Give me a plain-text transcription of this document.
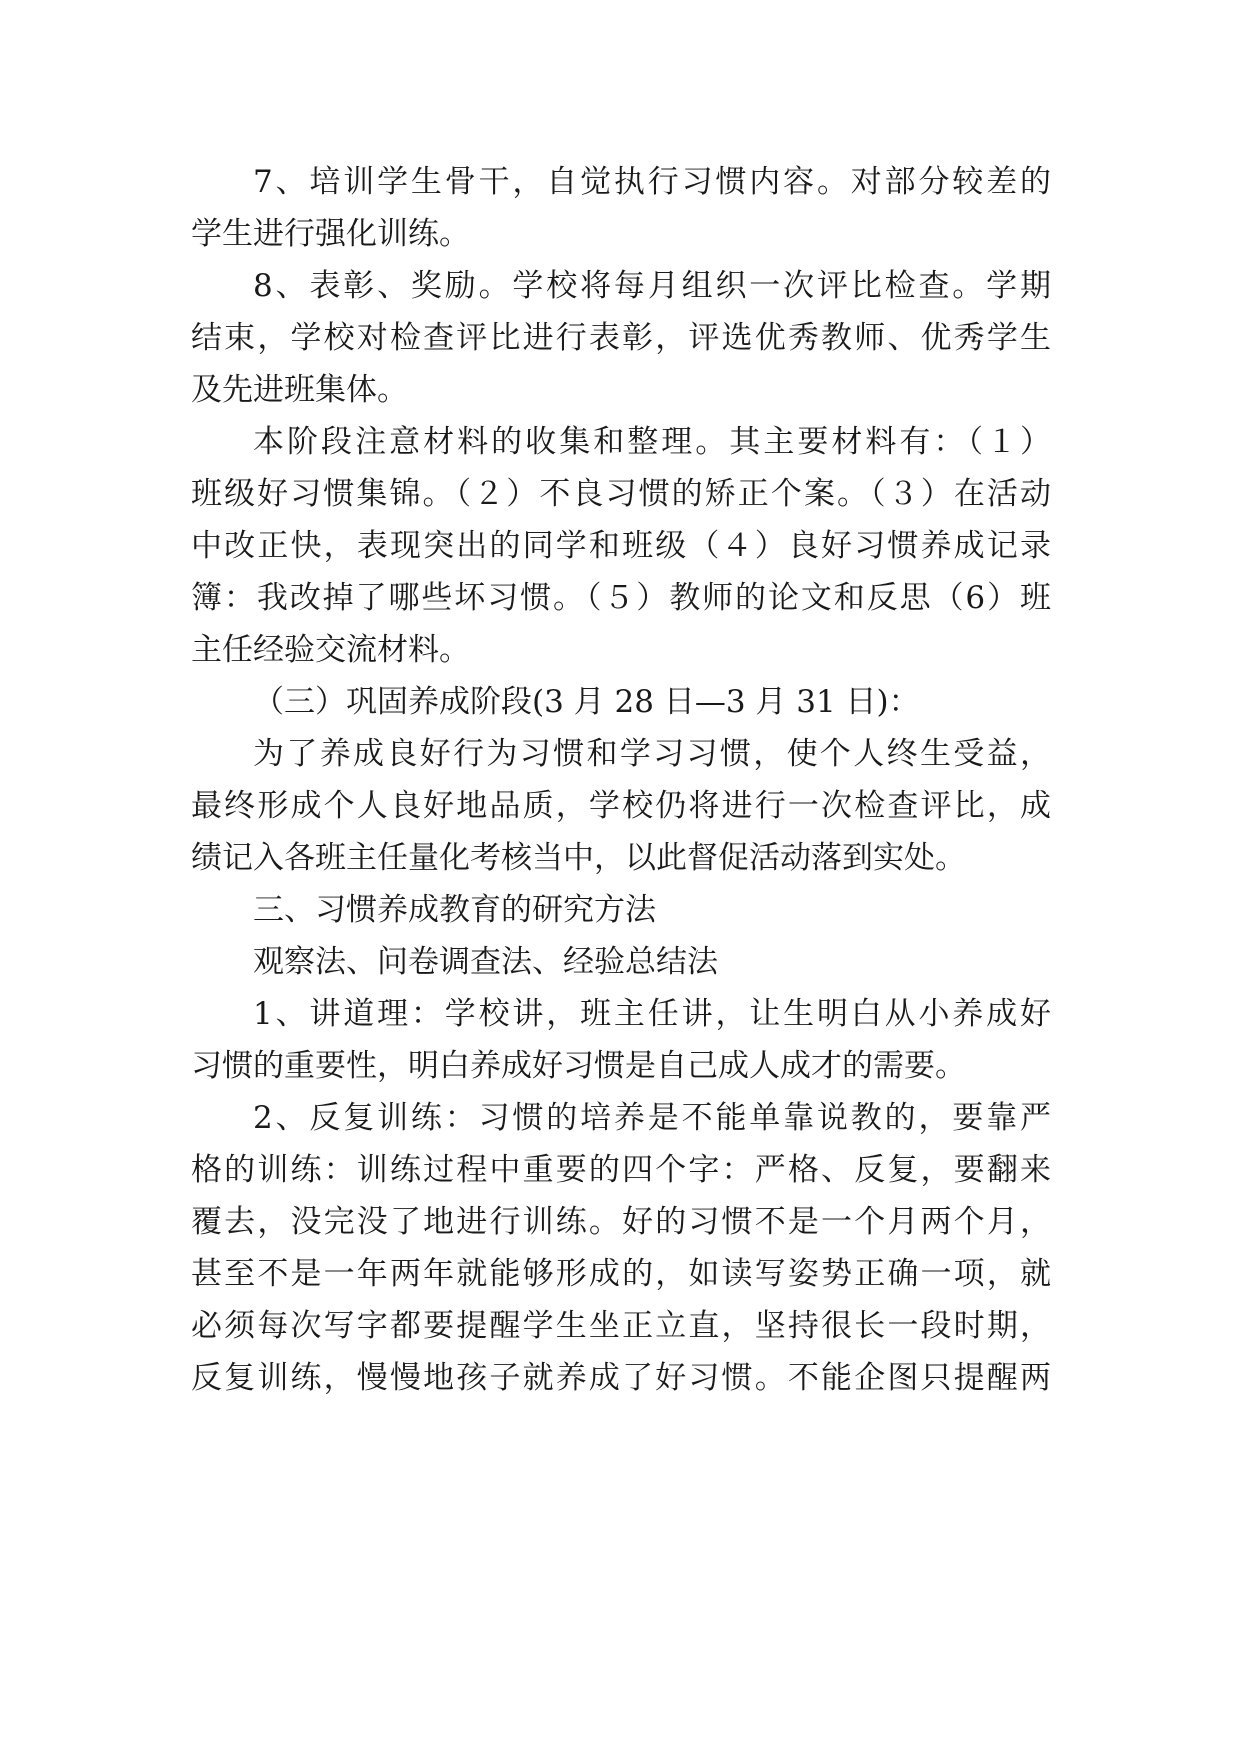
7、培训学生骨干，自觉执行习惯内容。对部分较差的
学生进行强化训练。
8、表彰、奖励。学校将每月组织一次评比检查。学期
结束，学校对检查评比进行表彰，评选优秀教师、优秀学生
及先进班集体。
本阶段注意材料的收集和整理。其主要材料有：（１）
班级好习惯集锦。（２）不良习惯的矫正个案。（３）在活动
中改正快，表现突出的同学和班级（４）良好习惯养成记录
簿：我改掉了哪些坏习惯。（５）教师的论文和反思（6）班
主任经验交流材料。
（三）巩固养成阶段(3 月 28 日—3 月 31 日)：
为了养成良好行为习惯和学习习惯，使个人终生受益，
最终形成个人良好地品质，学校仍将进行一次检查评比，成
绩记入各班主任量化考核当中，以此督促活动落到实处。
三、习惯养成教育的研究方法
观察法、问卷调查法、经验总结法
1、讲道理：学校讲，班主任讲，让生明白从小养成好
习惯的重要性，明白养成好习惯是自己成人成才的需要。
2、反复训练：习惯的培养是不能单靠说教的，要靠严
格的训练：训练过程中重要的四个字：严格、反复，要翻来
覆去，没完没了地进行训练。好的习惯不是一个月两个月，
甚至不是一年两年就能够形成的，如读写姿势正确一项，就
必须每次写字都要提醒学生坐正立直，坚持很长一段时期，
反复训练，慢慢地孩子就养成了好习惯。不能企图只提醒两
